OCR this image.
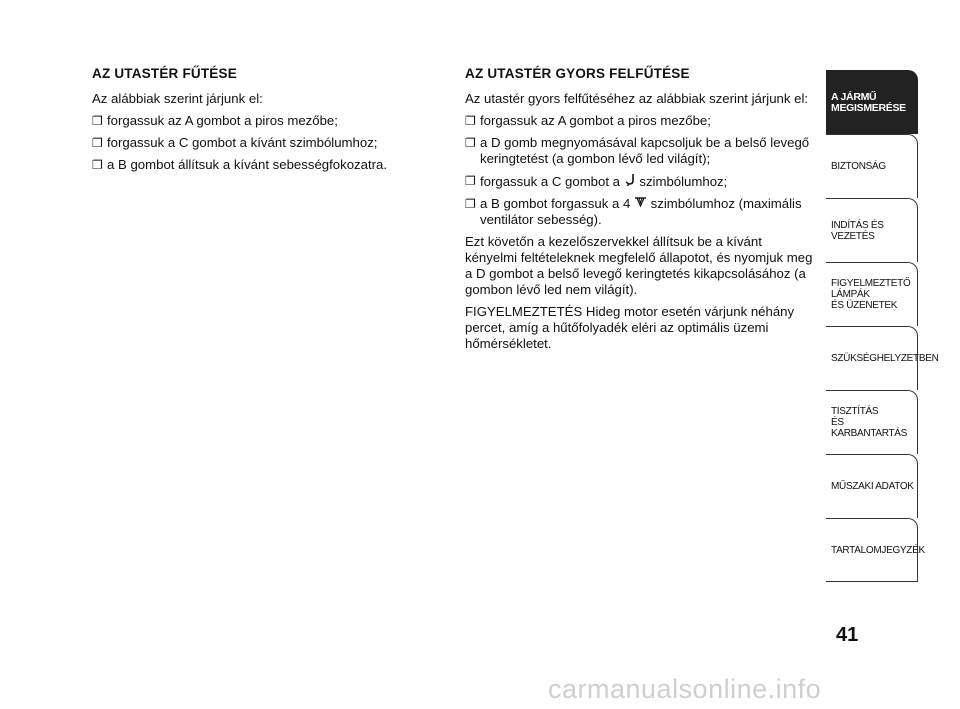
AZ UTASTÉR FŰTÉSE

Az alábbiak szerint járjunk el:

❐ forgassuk az A gombot a piros mezőbe;
❐ forgassuk a C gombot a kívánt szimbólumhoz;
❐ a B gombot állítsuk a kívánt sebességfokozatra.
AZ UTASTÉR GYORS FELFŰTÉSE

Az utastér gyors felfűtéséhez az alábbiak szerint járjunk el:

❐ forgassuk az A gombot a piros mezőbe;
❐ a D gomb megnyomásával kapcsoljuk be a belső levegő keringtetést (a gombon lévő led világít);
❐ forgassuk a C gombot a szimbólumhoz;
❐ a B gombot forgassuk a 4 szimbólumhoz (maximális ventilátor sebesség).

Ezt követőn a kezelőszervekkel állítsuk be a kívánt kényelmi feltételeknek megfelelő állapotot, és nyomjuk meg a D gombot a belső levegő keringtetés kikapcsolásához (a gombon lévő led nem világít).

FIGYELMEZTETÉS Hideg motor esetén várjunk néhány percet, amíg a hűtőfolyadék eléri az optimális üzemi hőmérsékletet.

A JÁRMŰ
MEGISMERÉSE
BIZTONSÁG
INDÍTÁS ÉS VEZETÉS
FIGYELMEZTETŐ
LÁMPÁK
ÉS ÜZENETEK
SZÜKSÉGHELYZETBEN
TISZTÍTÁS
ÉS KARBANTARTÁS
MŰSZAKI ADATOK
TARTALOMJEGYZÉK
41
carmanualsonline.info
